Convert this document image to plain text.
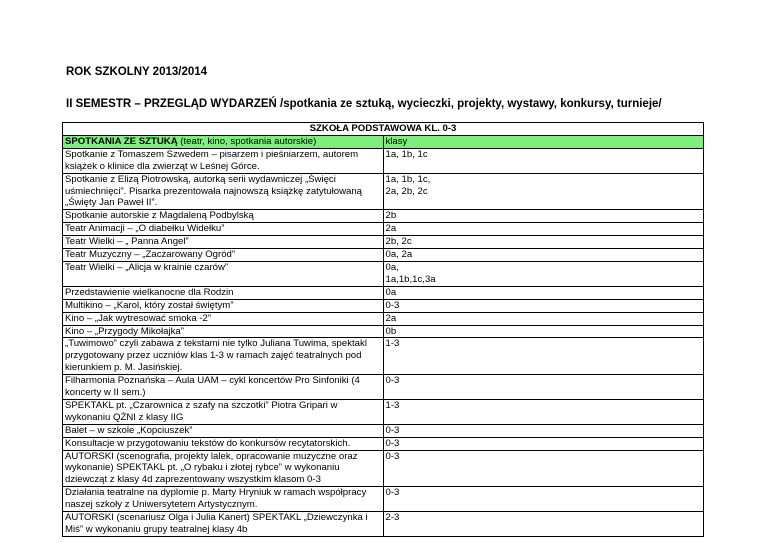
ROK SZKOLNY 2013/2014
II SEMESTR – PRZEGLĄD WYDARZEŃ /spotkania ze sztuką, wycieczki, projekty, wystawy, konkursy, turnieje/
SZKOŁA PODSTAWOWA KL. 0-3	
SPOTKANIA ZE SZTUKĄ (teatr, kino, spotkania autorskie)	klasy
Spotkanie z Tomaszem Szwedem – pisarzem i pieśniarzem, autorem książek o klinice dla zwierząt w Leśnej Górce.	1a, 1b, 1c

Spotkanie z Elizą Piotrowską, autorką serii wydawniczej „Święci uśmiechnięci”. Pisarka prezentowała najnowszą książkę zatytułowaną „Święty Jan Paweł II”.	1a, 1b, 1c,
2a, 2b, 2c

Spotkanie autorskie z Magdaleną Podbylską	2b

Teatr Animacji – „O diabełku Widełku”	2a

Teatr Wielki – „ Panna Angel”	2b, 2c

Teatr Muzyczny – „Zaczarowany Ogród”	0a, 2a

Teatr Wielki – „Alicja w krainie czarów”	0a,
1a,1b,1c,3a

Przedstawienie wielkanocne dla Rodzin	0a

Multikino – „Karol, który został świętym”	0-3

Kino – „Jak wytresować smoka -2”	2a

Kino – „Przygody Mikołajka”	0b

„Tuwimowo” czyli zabawa z tekstami nie tylko Juliana Tuwima, spektakl przygotowany przez uczniów klas 1-3 w ramach zajęć teatralnych pod kierunkiem p. M. Jasińskiej.	1-3

Filharmonia Poznańska – Aula UAM – cykl koncertów Pro Sinfoniki (4 koncerty w II sem.)	0-3

SPEKTAKL pt. „Czarownica z szafy na szczotki” Piotra Gripari w wykonaniu QŻNI z klasy IIG	1-3

Balet – w szkole „Kopciuszek”	0-3

Konsultacje w przygotowaniu tekstów do konkursów recytatorskich.	0-3

AUTORSKI (scenografia, projekty lalek, opracowanie muzyczne oraz wykonanie) SPEKTAKL pt. „O rybaku i złotej rybce” w wykonaniu dziewcząt z klasy 4d zaprezentowany wszystkim klasom 0-3	0-3

Działania teatralne na dyplomie p. Marty Hryniuk w ramach współpracy naszej szkoły z Uniwersytetem Artystycznym.	0-3

AUTORSKI (scenariusz Olga i Julia Kanert) SPEKTAKL „Dziewczynka i Miś” w wykonaniu grupy teatralnej klasy 4b	2-3
